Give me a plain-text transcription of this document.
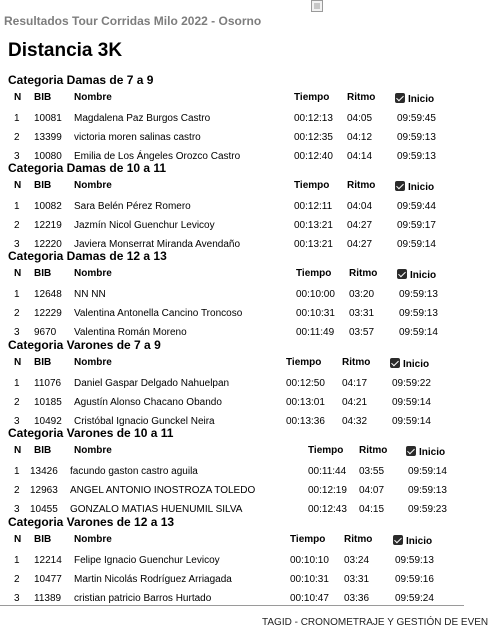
Resultados Tour Corridas Milo 2022 - Osorno
Distancia 3K
Categoria Damas de 7 a 9
N BIB Nombre	Tiempo Ritmo	Inicio
1 10081 Magdalena Paz Burgos Castro	00:12:13 04:05 09:59:45
2 13399 victoria moren salinas castro	00:12:35 04:12 09:59:13
3 10080 Emilia de Los Ángeles Orozco Castro	00:12:40 04:14 09:59:13
Categoria Damas de 10 a 11
N BIB Nombre	Tiempo Ritmo	Inicio
1 10082 Sara Belén Pérez Romero	00:12:11 04:04 09:59:44
2 12219 Jazmín Nicol Guenchur Levicoy	00:13:21 04:27 09:59:17
3 12220 Javiera Monserrat Miranda Avendaño	00:13:21 04:27 09:59:14
Categoria Damas de 12 a 13
N BIB Nombre	Tiempo Ritmo	Inicio
1 12648 NN NN	00:10:00 03:20 09:59:13
2 12229 Valentina Antonella Cancino Troncoso	00:10:31 03:31 09:59:13
3 9670 Valentina Román Moreno	00:11:49 03:57 09:59:14
Categoria Varones de 7 a 9
N BIB Nombre	Tiempo Ritmo	Inicio
1 11076 Daniel Gaspar Delgado Nahuelpan	00:12:50 04:17 09:59:22
2 10185 Agustín Alonso Chacano Obando	00:13:01 04:21 09:59:14
3 10492 Cristóbal Ignacio Gunckel Neira	00:13:36 04:32 09:59:14
Categoria Varones de 10 a 11
N BIB Nombre	Tiempo Ritmo	Inicio
1 13426 facundo gaston castro aguila	00:11:44 03:55 09:59:14
2 12963 ANGEL ANTONIO INOSTROZA TOLEDO	00:12:19 04:07 09:59:13
3 10455 GONZALO MATIAS HUENUMIL SILVA	00:12:43 04:15 09:59:23
Categoria Varones de 12 a 13
N BIB Nombre	Tiempo Ritmo	Inicio
1 12214 Felipe Ignacio Guenchur Levicoy	00:10:10 03:24	09:59:13
2 10477 Martin Nicolás Rodríguez Arriagada	00:10:31 03:31	09:59:16
3 11389 cristian patricio Barros Hurtado	00:10:47 03:36	09:59:24
TAGID - CRONOMETRAJE Y GESTIÓN DE EVEN
